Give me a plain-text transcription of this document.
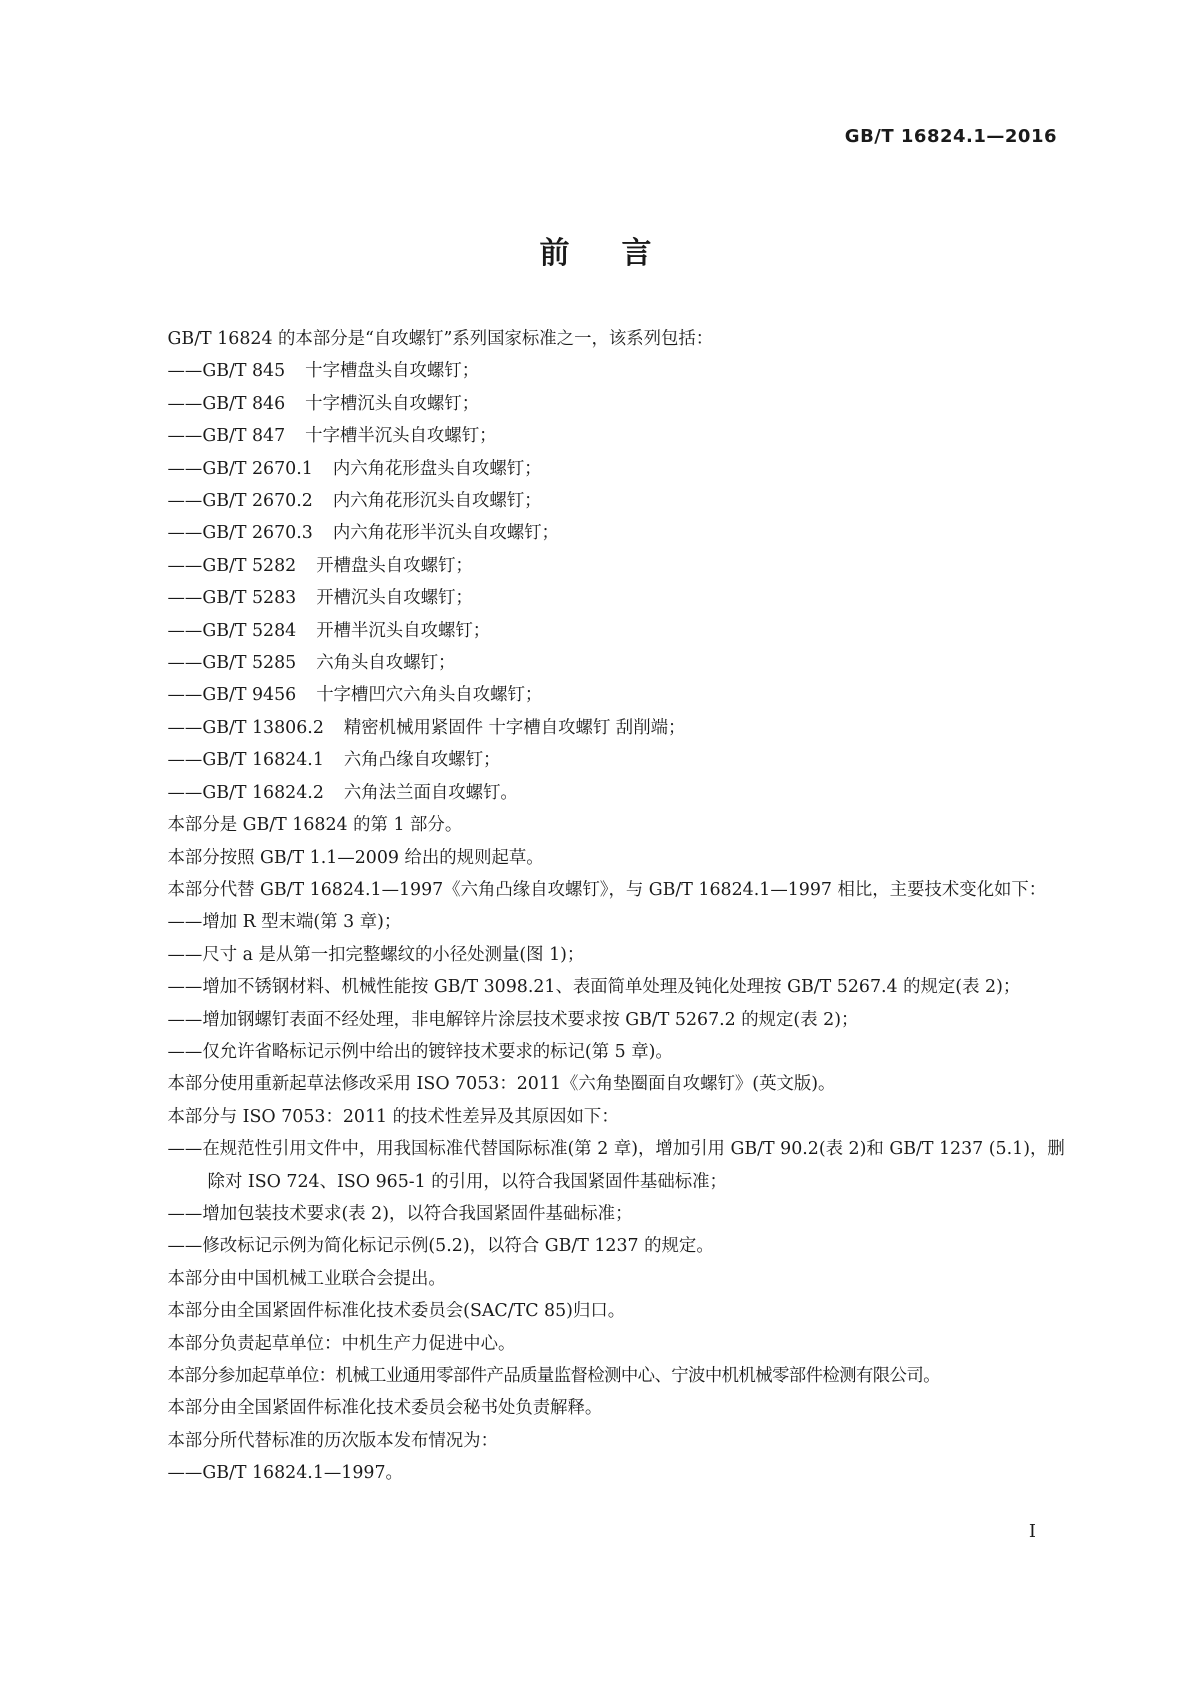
GB/T 16824.1—2016
前言

GB/T 16824 的本部分是“自攻螺钉”系列国家标准之一，该系列包括：

——GB/T 845 十字槽盘头自攻螺钉；

——GB/T 846 十字槽沉头自攻螺钉；

——GB/T 847 十字槽半沉头自攻螺钉；

——GB/T 2670.1 内六角花形盘头自攻螺钉；

——GB/T 2670.2 内六角花形沉头自攻螺钉；

——GB/T 2670.3 内六角花形半沉头自攻螺钉；

——GB/T 5282 开槽盘头自攻螺钉；

——GB/T 5283 开槽沉头自攻螺钉；

——GB/T 5284 开槽半沉头自攻螺钉；

——GB/T 5285 六角头自攻螺钉；

——GB/T 9456 十字槽凹穴六角头自攻螺钉；

——GB/T 13806.2 精密机械用紧固件 十字槽自攻螺钉 刮削端；

——GB/T 16824.1 六角凸缘自攻螺钉；

——GB/T 16824.2 六角法兰面自攻螺钉。

本部分是 GB/T 16824 的第 1 部分。

本部分按照 GB/T 1.1—2009 给出的规则起草。

本部分代替 GB/T 16824.1—1997《六角凸缘自攻螺钉》，与 GB/T 16824.1—1997 相比，主要技术变化如下：

——增加 R 型末端(第 3 章)；

——尺寸 a 是从第一扣完整螺纹的小径处测量(图 1)；

——增加不锈钢材料、机械性能按 GB/T 3098.21、表面简单处理及钝化处理按 GB/T 5267.4 的规定(表 2)；

——增加钢螺钉表面不经处理，非电解锌片涂层技术要求按 GB/T 5267.2 的规定(表 2)；

——仅允许省略标记示例中给出的镀锌技术要求的标记(第 5 章)。

本部分使用重新起草法修改采用 ISO 7053：2011《六角垫圈面自攻螺钉》(英文版)。

本部分与 ISO 7053：2011 的技术性差异及其原因如下：

——在规范性引用文件中，用我国标准代替国际标准(第 2 章)，增加引用 GB/T 90.2(表 2)和 GB/T 1237 (5.1)，删除对 ISO 724、ISO 965-1 的引用，以符合我国紧固件基础标准；

——增加包装技术要求(表 2)，以符合我国紧固件基础标准；

——修改标记示例为简化标记示例(5.2)，以符合 GB/T 1237 的规定。

本部分由中国机械工业联合会提出。

本部分由全国紧固件标准化技术委员会(SAC/TC 85)归口。

本部分负责起草单位：中机生产力促进中心。

本部分参加起草单位：机械工业通用零部件产品质量监督检测中心、宁波中机机械零部件检测有限公司。

本部分由全国紧固件标准化技术委员会秘书处负责解释。

本部分所代替标准的历次版本发布情况为：

——GB/T 16824.1—1997。

I
